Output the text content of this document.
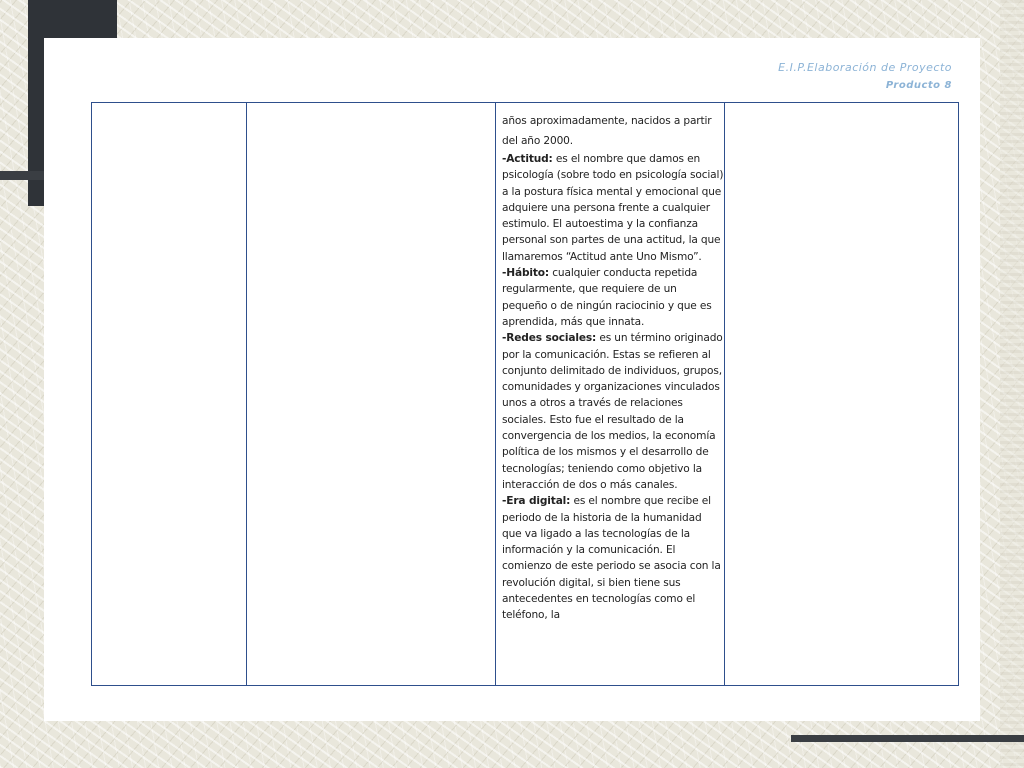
E.I.P.Elaboración de Proyecto
Producto 8

años aproximadamente, nacidos a partir del año 2000.

-Actitud: es el nombre que damos en psicología (sobre todo en psicología social) a la postura física mental y emocional que adquiere una persona frente a cualquier estimulo. El autoestima y la confianza personal son partes de una actitud, la que llamaremos “Actitud ante Uno Mismo”.

-Hábito: cualquier conducta repetida regularmente, que requiere de un pequeño o de ningún raciocinio y que es aprendida, más que innata.

-Redes sociales: es un término originado por la comunicación. Estas se refieren al conjunto delimitado de individuos, grupos, comunidades y organizaciones vinculados unos a otros a través de relaciones sociales. Esto fue el resultado de la convergencia de los medios, la economía política de los mismos y el desarrollo de tecnologías; teniendo como objetivo la interacción de dos o más canales.

-Era digital: es el nombre que recibe el periodo de la historia de la humanidad que va ligado a las tecnologías de la información y la comunicación. El comienzo de este periodo se asocia con la revolución digital, si bien tiene sus antecedentes en tecnologías como el teléfono, la
